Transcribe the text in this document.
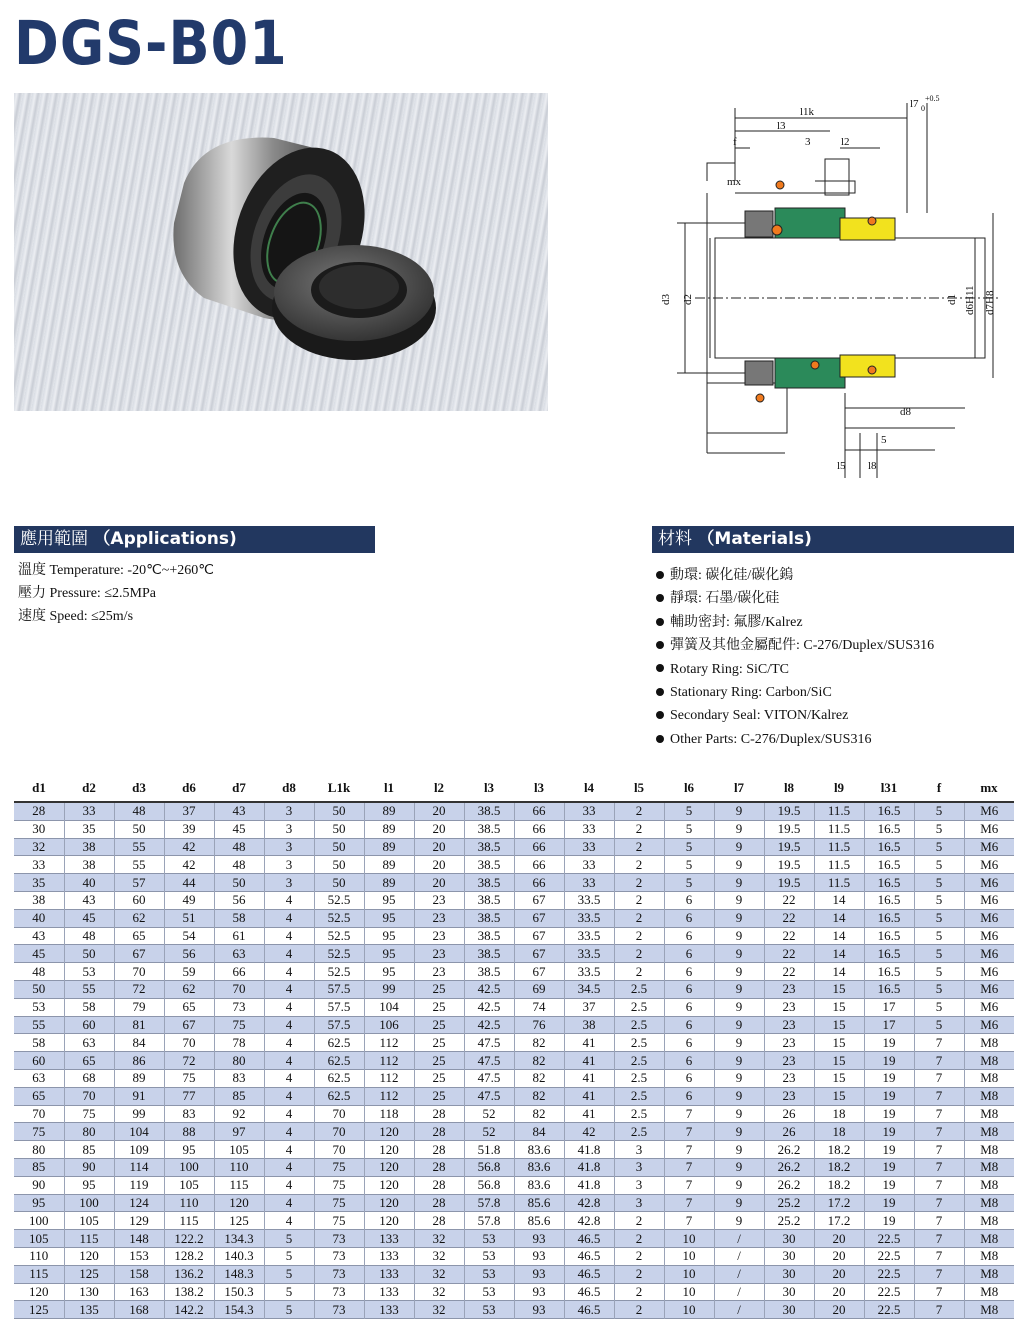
DGS-B01
l1k
l7 +0.5
0
l3
f	3	l2
mx
d3 d2	d1 d6H11 d7H8
d8
5
l5 l8
應用範圍 （Applications)
溫度 Temperature: -20℃~+260℃
壓力 Pressure: ≤2.5MPa
速度 Speed: ≤25m/s
材料 （Materials)
動環: 碳化硅/碳化鎢
靜環: 石墨/碳化硅
輔助密封: 氟膠/Kalrez
彈簧及其他金屬配件: C-276/Duplex/SUS316
Rotary Ring: SiC/TC
Stationary Ring: Carbon/SiC
Secondary Seal: VITON/Kalrez
Other Parts: C-276/Duplex/SUS316
d1	d2	d3	d6	d7	d8	L1k	l1	l2	l3	l3	l4	l5	l6	l7	l8	l9	l31	f	mx
28	33	48	37	43	3	50	89	20	38.5	66	33	2	5	9	19.5	11.5	16.5	5	M6
30	35	50	39	45	3	50	89	20	38.5	66	33	2	5	9	19.5	11.5	16.5	5	M6
32	38	55	42	48	3	50	89	20	38.5	66	33	2	5	9	19.5	11.5	16.5	5	M6
33	38	55	42	48	3	50	89	20	38.5	66	33	2	5	9	19.5	11.5	16.5	5	M6
35	40	57	44	50	3	50	89	20	38.5	66	33	2	5	9	19.5	11.5	16.5	5	M6
38	43	60	49	56	4	52.5	95	23	38.5	67	33.5	2	6	9	22	14	16.5	5	M6
40	45	62	51	58	4	52.5	95	23	38.5	67	33.5	2	6	9	22	14	16.5	5	M6
43	48	65	54	61	4	52.5	95	23	38.5	67	33.5	2	6	9	22	14	16.5	5	M6
45	50	67	56	63	4	52.5	95	23	38.5	67	33.5	2	6	9	22	14	16.5	5	M6
48	53	70	59	66	4	52.5	95	23	38.5	67	33.5	2	6	9	22	14	16.5	5	M6
50	55	72	62	70	4	57.5	99	25	42.5	69	34.5	2.5	6	9	23	15	16.5	5	M6
53	58	79	65	73	4	57.5	104	25	42.5	74	37	2.5	6	9	23	15	17	5	M6
55	60	81	67	75	4	57.5	106	25	42.5	76	38	2.5	6	9	23	15	17	5	M6
58	63	84	70	78	4	62.5	112	25	47.5	82	41	2.5	6	9	23	15	19	7	M8
60	65	86	72	80	4	62.5	112	25	47.5	82	41	2.5	6	9	23	15	19	7	M8
63	68	89	75	83	4	62.5	112	25	47.5	82	41	2.5	6	9	23	15	19	7	M8
65	70	91	77	85	4	62.5	112	25	47.5	82	41	2.5	6	9	23	15	19	7	M8
70	75	99	83	92	4	70	118	28	52	82	41	2.5	7	9	26	18	19	7	M8
75	80	104	88	97	4	70	120	28	52	84	42	2.5	7	9	26	18	19	7	M8
80	85	109	95	105	4	70	120	28	51.8	83.6	41.8	3	7	9	26.2	18.2	19	7	M8
85	90	114	100	110	4	75	120	28	56.8	83.6	41.8	3	7	9	26.2	18.2	19	7	M8
90	95	119	105	115	4	75	120	28	56.8	83.6	41.8	3	7	9	26.2	18.2	19	7	M8
95	100	124	110	120	4	75	120	28	57.8	85.6	42.8	3	7	9	25.2	17.2	19	7	M8
100	105	129	115	125	4	75	120	28	57.8	85.6	42.8	2	7	9	25.2	17.2	19	7	M8
105	115	148	122.2	134.3	5	73	133	32	53	93	46.5	2	10	/	30	20	22.5	7	M8
110	120	153	128.2	140.3	5	73	133	32	53	93	46.5	2	10	/	30	20	22.5	7	M8
115	125	158	136.2	148.3	5	73	133	32	53	93	46.5	2	10	/	30	20	22.5	7	M8
120	130	163	138.2	150.3	5	73	133	32	53	93	46.5	2	10	/	30	20	22.5	7	M8
125	135	168	142.2	154.3	5	73	133	32	53	93	46.5	2	10	/	30	20	22.5	7	M8
